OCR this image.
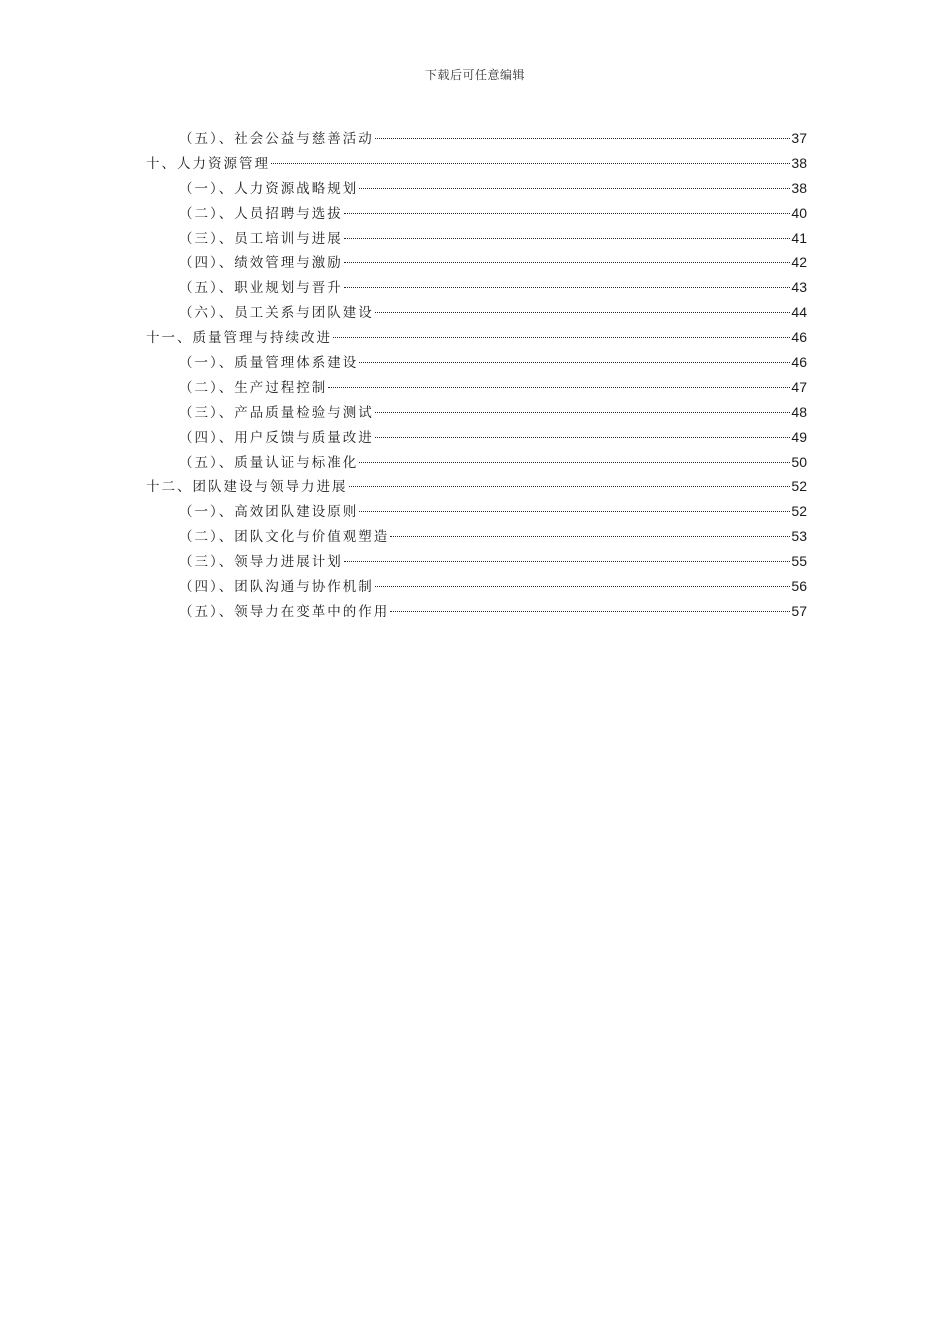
下载后可任意编辑
（五）、社会公益与慈善活动	37
十、人力资源管理	38
（一）、人力资源战略规划	38
（二）、人员招聘与选拔	40
（三）、员工培训与进展	41
（四）、绩效管理与激励	42
（五）、职业规划与晋升	43
（六）、员工关系与团队建设	44
十一、质量管理与持续改进	46
（一）、质量管理体系建设	46
（二）、生产过程控制	47
（三）、产品质量检验与测试	48
（四）、用户反馈与质量改进	49
（五）、质量认证与标准化	50
十二、团队建设与领导力进展	52
（一）、高效团队建设原则	52
（二）、团队文化与价值观塑造	53
（三）、领导力进展计划	55
（四）、团队沟通与协作机制	56
（五）、领导力在变革中的作用	57
